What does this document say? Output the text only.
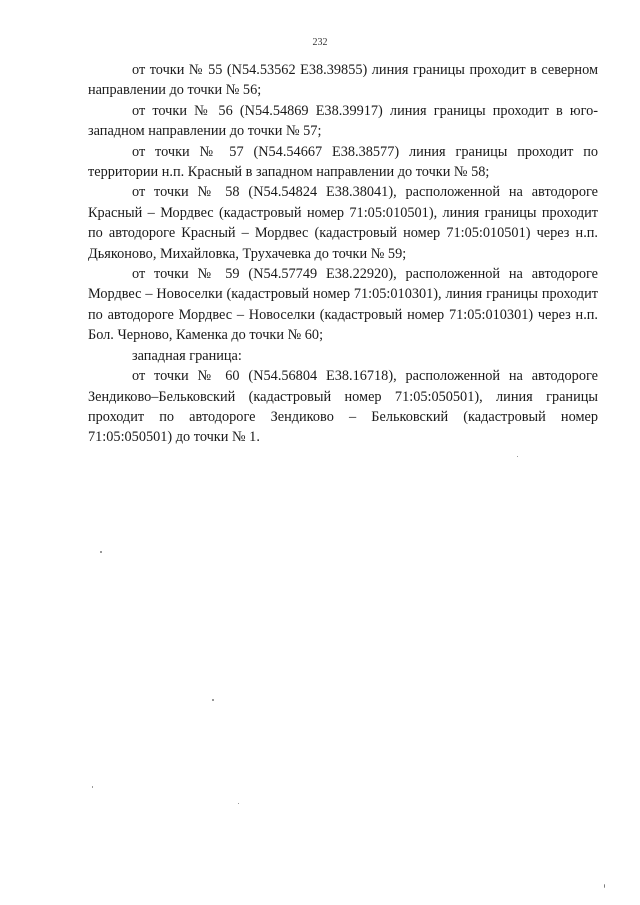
232

от точки № 55 (N54.53562 E38.39855) линия границы проходит в северном направлении до точки № 56;

от точки № 56 (N54.54869 E38.39917) линия границы проходит в юго-западном направлении до точки № 57;

от точки № 57 (N54.54667 E38.38577) линия границы проходит по территории н.п. Красный в западном направлении до точки № 58;

от точки № 58 (N54.54824 E38.38041), расположенной на автодороге Красный – Мордвес (кадастровый номер 71:05:010501), линия границы проходит по автодороге Красный – Мордвес (кадастровый номер 71:05:010501) через н.п. Дьяконово, Михайловка, Трухачевка до точки № 59;

от точки № 59 (N54.57749 E38.22920), расположенной на автодороге Мордвес – Новоселки (кадастровый номер 71:05:010301), линия границы проходит по автодороге Мордвес – Новоселки (кадастровый номер 71:05:010301) через н.п. Бол. Черново, Каменка до точки № 60;

западная граница:

от точки № 60 (N54.56804 E38.16718), расположенной на автодороге Зендиково–Бельковский (кадастровый номер 71:05:050501), линия границы проходит по автодороге Зендиково – Бельковский (кадастровый номер 71:05:050501) до точки № 1.
